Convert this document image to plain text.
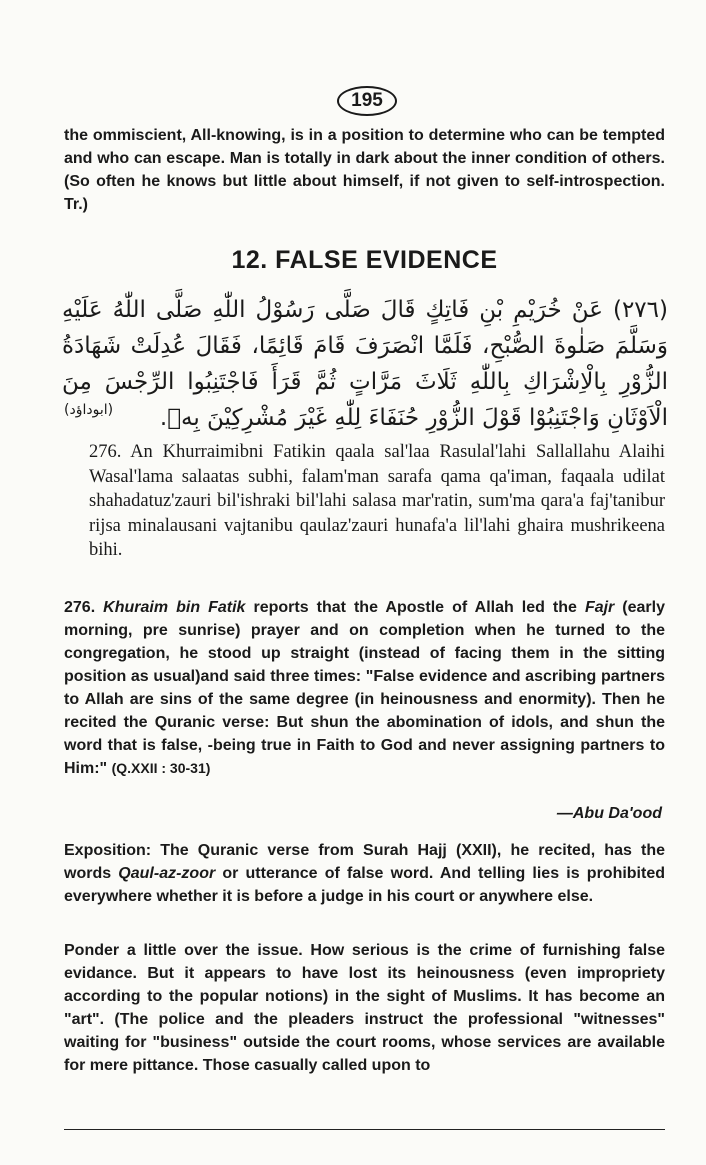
195

the ommiscient, All-knowing, is in a position to determine who can be tempted and who can escape. Man is totally in dark about the inner condition of others. (So often he knows but little about himself, if not given to self-introspection. Tr.)

12. FALSE EVIDENCE
(٢٧٦) عَنْ خُرَيْمِ بْنِ فَاتِكٍ قَالَ صَلَّى رَسُوْلُ اللّٰهِ صَلَّى اللّٰهُ عَلَيْهِ وَسَلَّمَ صَلٰوةَ الصُّبْحِ، فَلَمَّا انْصَرَفَ قَامَ قَائِمًا، فَقَالَ عُدِلَتْ شَهَادَةُ الزُّوْرِ بِالْاِشْرَاكِ بِاللّٰهِ ثَلَاثَ مَرَّاتٍ ثُمَّ قَرَأَ فَاجْتَنِبُوا الرِّجْسَ مِنَ الْاَوْثَانِ وَاجْتَنِبُوْا قَوْلَ الزُّوْرِ حُنَفَاءَ لِلّٰهِ غَيْرَ مُشْرِكِيْنَ بِهٖ.
(ابوداؤد)

276. An Khurraimibni Fatikin qaala sal'laa Rasulal'lahi Sallallahu Alaihi Wasal'lama salaatas subhi, falam'man sarafa qama qa'iman, faqaala udilat shahadatuz'zauri bil'ishraki bil'lahi salasa mar'ratin, sum'ma qara'a faj'tanibur rijsa minalausani vajtanibu qaulaz'zauri hunafa'a lil'lahi ghaira mushrikeena bihi.

276. Khuraim bin Fatik reports that the Apostle of Allah led the Fajr (early morning, pre sunrise) prayer and on completion when he turned to the congregation, he stood up straight (instead of facing them in the sitting position as usual)and said three times: "False evidence and ascribing partners to Allah are sins of the same degree (in heinousness and enormity). Then he recited the Quranic verse: But shun the abomination of idols, and shun the word that is false, -being true in Faith to God and never assigning partners to Him:" (Q.XXII : 30-31)

—Abu Da'ood

Exposition: The Quranic verse from Surah Hajj (XXII), he recited, has the words Qaul-az-zoor or utterance of false word. And telling lies is prohibited everywhere whether it is before a judge in his court or anywhere else.

Ponder a little over the issue. How serious is the crime of furnishing false evidance. But it appears to have lost its heinousness (even impropriety according to the popular notions) in the sight of Muslims. It has become an "art". (The police and the pleaders instruct the professional "witnesses" waiting for "business" outside the court rooms, whose services are available for mere pittance. Those casually called upon to
